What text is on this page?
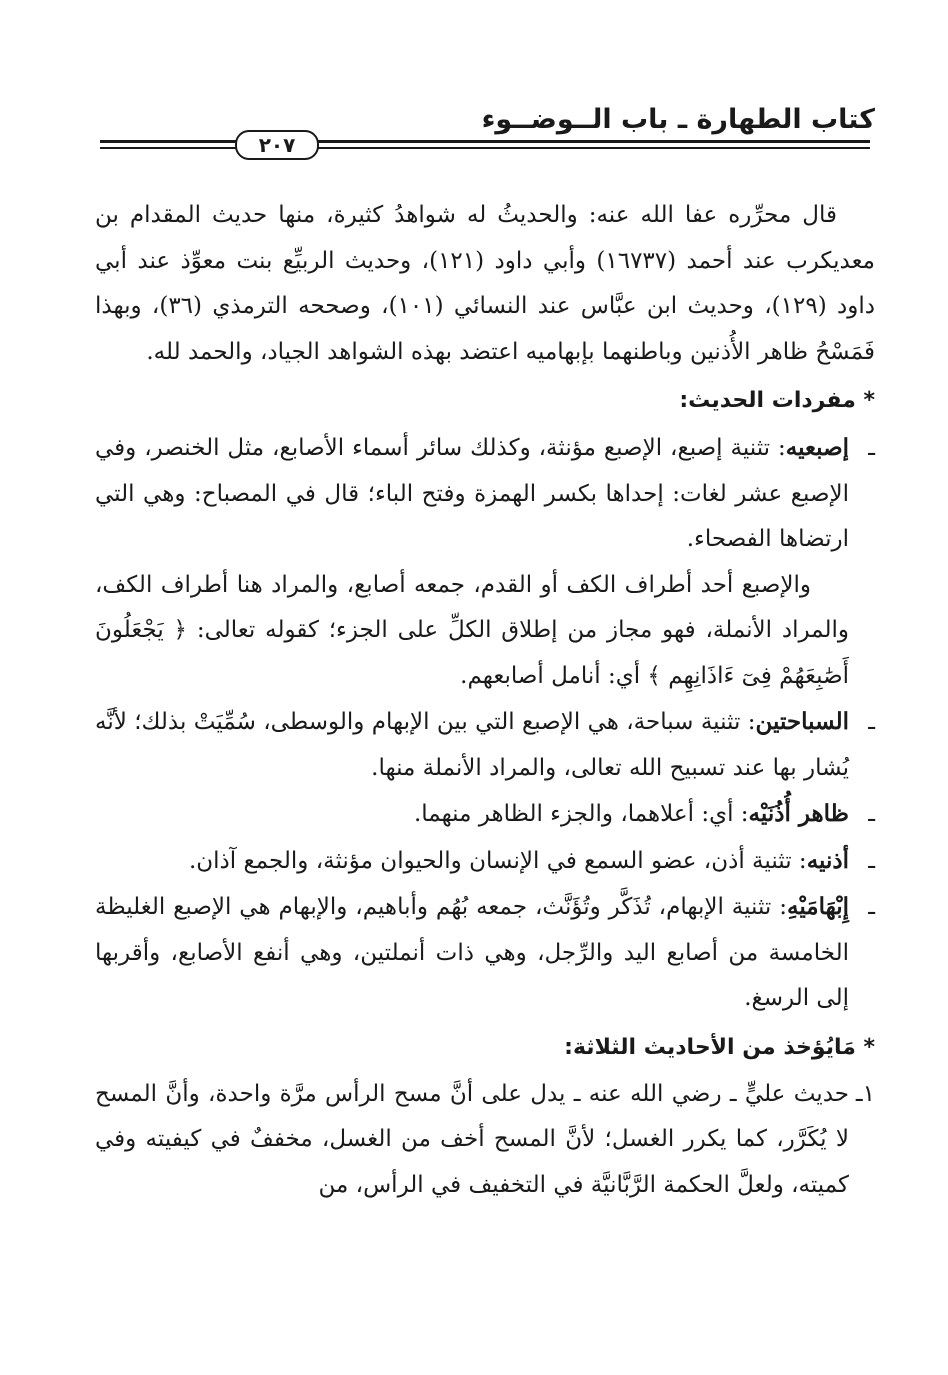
كتاب الطهارة ـ باب الــوضــوء
٢٠٧

قال محرِّره عفا الله عنه: والحديثُ له شواهدُ كثيرة، منها حديث المقدام بن معديكرب عند أحمد (١٦٧٣٧) وأبي داود (١٢١)، وحديث الربيِّع بنت معوِّذ عند أبي داود (١٢٩)، وحديث ابن عبَّاس عند النسائي (١٠١)، وصححه الترمذي (٣٦)، وبهذا فَمَسْحُ ظاهر الأُذنين وباطنهما بإبهاميه اعتضد بهذه الشواهد الجياد، والحمد لله.

* مفردات الحديث:

ـإصبعيه: تثنية إصبع، الإصبع مؤنثة، وكذلك سائر أسماء الأصابع، مثل الخنصر، وفي الإصبع عشر لغات: إحداها بكسر الهمزة وفتح الباء؛ قال في المصباح: وهي التي ارتضاها الفصحاء.

والإصبع أحد أطراف الكف أو القدم، جمعه أصابع، والمراد هنا أطراف الكف، والمراد الأنملة، فهو مجاز من إطلاق الكلِّ على الجزء؛ كقوله تعالى: ﴿ يَجْعَلُونَ أَصَٰبِعَهُمْ فِىٓ ءَاذَانِهِم ﴾ أي: أنامل أصابعهم.

ـالسباحتين: تثنية سباحة، هي الإصبع التي بين الإبهام والوسطى، سُمِّيَتْ بذلك؛ لأنَّه يُشار بها عند تسبيح الله تعالى، والمراد الأنملة منها.

ـظاهر أُذُنَيْه: أي: أعلاهما، والجزء الظاهر منهما.

ـأذنيه: تثنية أذن، عضو السمع في الإنسان والحيوان مؤنثة، والجمع آذان.

ـإِبْهَامَيْهِ: تثنية الإبهام، تُذَكَّر وتُؤَنَّث، جمعه بُهُم وأباهيم، والإبهام هي الإصبع الغليظة الخامسة من أصابع اليد والرِّجل، وهي ذات أنملتين، وهي أنفع الأصابع، وأقربها إلى الرسغ.

* مَايُؤخذ من الأحاديث الثلاثة:

١ـحديث عليٍّ ـ رضي الله عنه ـ يدل على أنَّ مسح الرأس مرَّة واحدة، وأنَّ المسح لا يُكَرَّر، كما يكرر الغسل؛ لأنَّ المسح أخف من الغسل، مخففٌ في كيفيته وفي كميته، ولعلَّ الحكمة الرَّبَّانيَّة في التخفيف في الرأس، من
